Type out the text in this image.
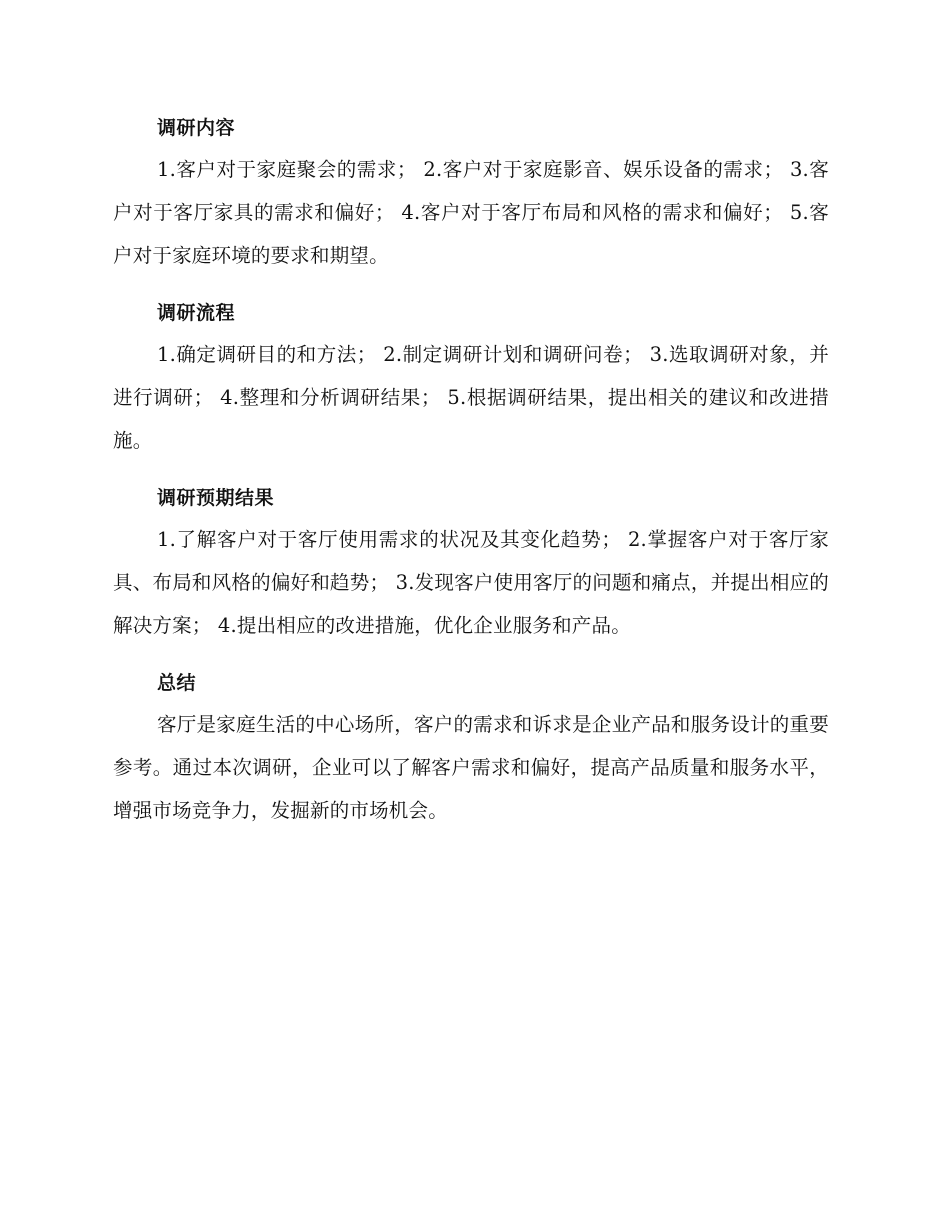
调研内容

1.客户对于家庭聚会的需求； 2.客户对于家庭影音、娱乐设备的需求； 3.客户对于客厅家具的需求和偏好； 4.客户对于客厅布局和风格的需求和偏好； 5.客户对于家庭环境的要求和期望。

调研流程

1.确定调研目的和方法； 2.制定调研计划和调研问卷； 3.选取调研对象，并进行调研； 4.整理和分析调研结果； 5.根据调研结果，提出相关的建议和改进措施。

调研预期结果

1.了解客户对于客厅使用需求的状况及其变化趋势； 2.掌握客户对于客厅家具、布局和风格的偏好和趋势； 3.发现客户使用客厅的问题和痛点，并提出相应的解决方案； 4.提出相应的改进措施，优化企业服务和产品。

总结

客厅是家庭生活的中心场所，客户的需求和诉求是企业产品和服务设计的重要参考。通过本次调研，企业可以了解客户需求和偏好，提高产品质量和服务水平，增强市场竞争力，发掘新的市场机会。
